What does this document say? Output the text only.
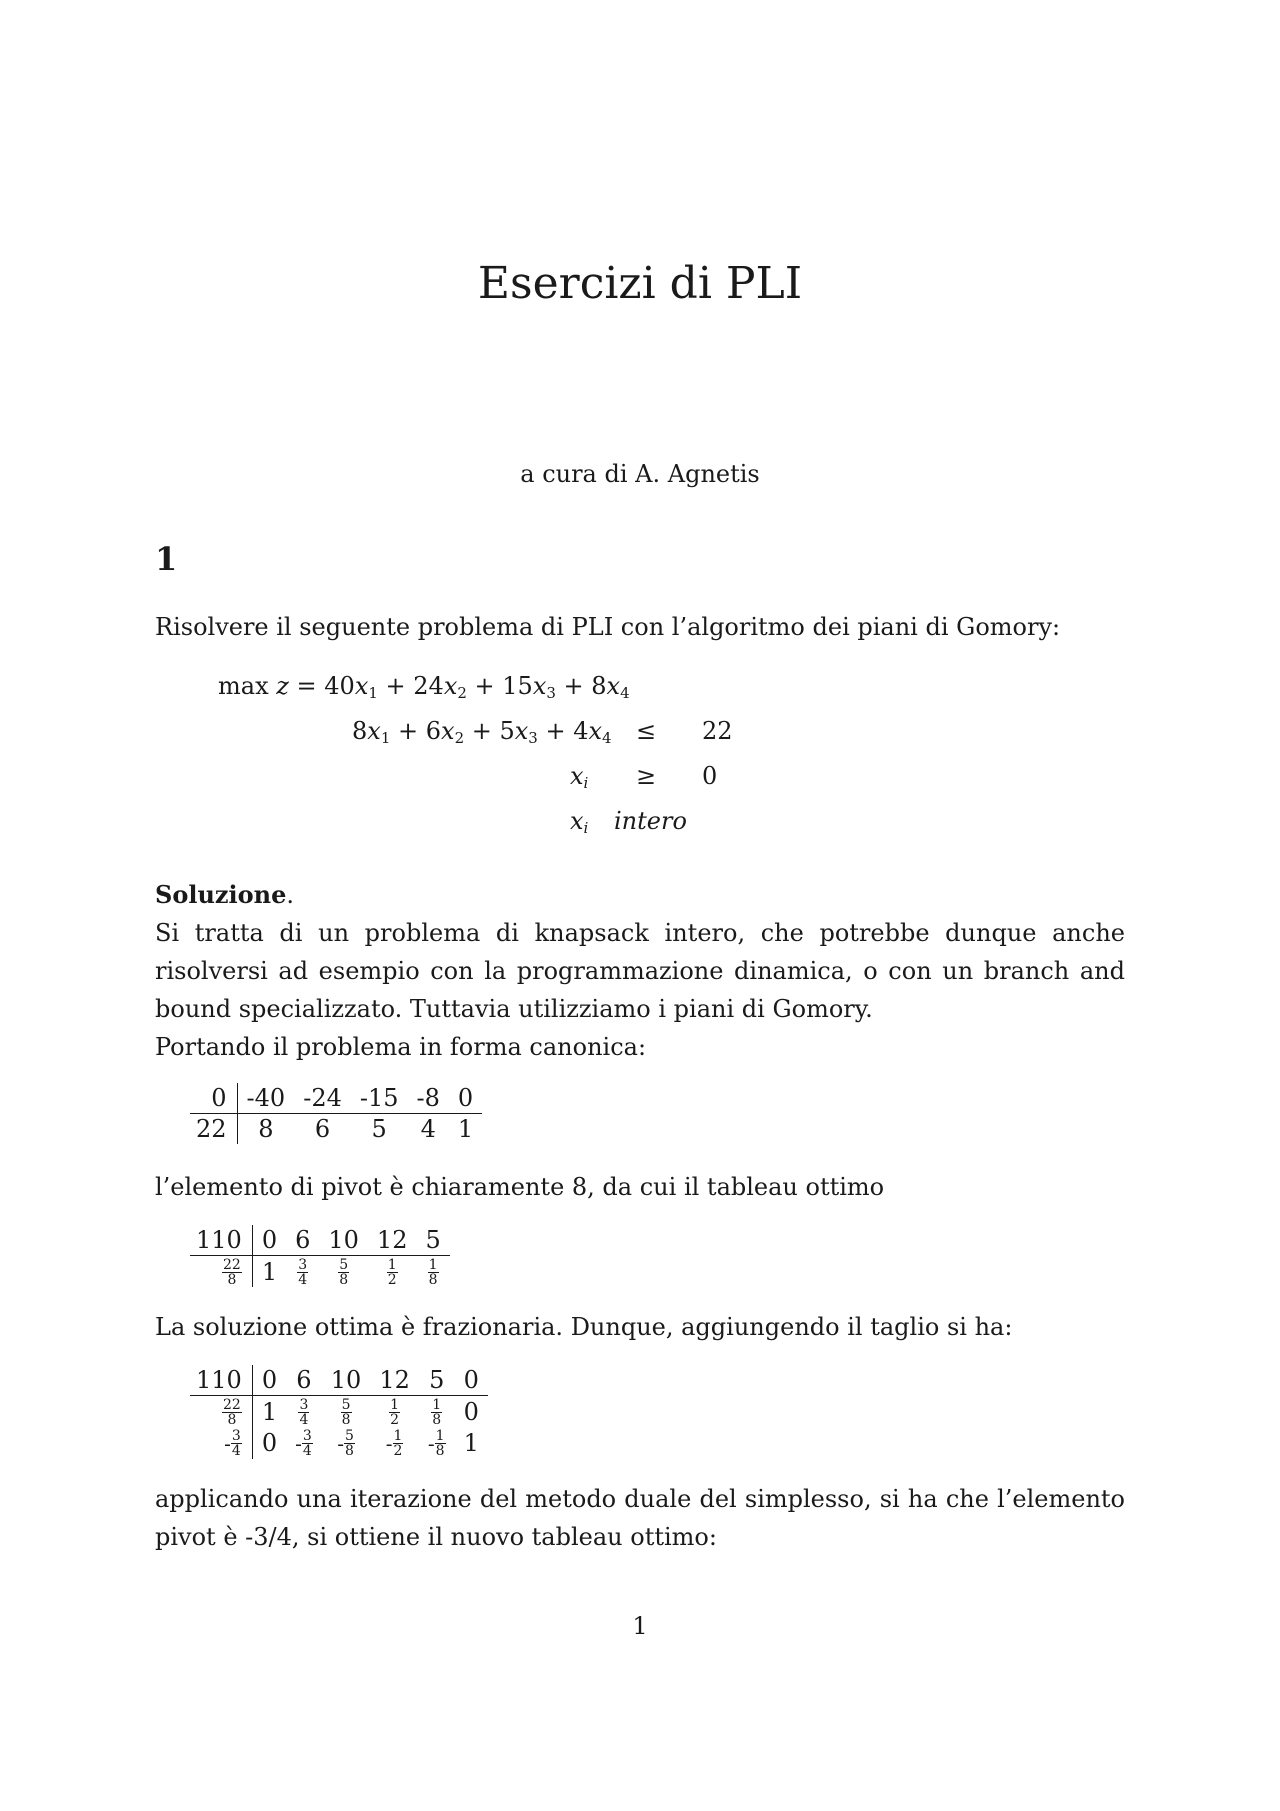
Esercizi di PLI
a cura di A. Agnetis
1
Risolvere il seguente problema di PLI con l’algoritmo dei piani di Gomory:
$\max z = 40x_1 + 24x_2 + 15x_3 + 8x_4$
$8x_1 + 6x_2 + 5x_3 + 4x_4 \le 22$
$x_i \ge 0$
$x_i$ intero
Soluzione.
Si tratta di un problema di knapsack intero, che potrebbe dunque anche risolversi ad esempio con la programmazione dinamica, o con un branch and bound specializzato. Tuttavia utilizziamo i piani di Gomory.
Portando il problema in forma canonica:
0	-40	-24	-15	-8	0
22	8	6	5	4	1
l’elemento di pivot è chiaramente 8, da cui il tableau ottimo
110	0	6	10	12	5

$\frac{22}{8}$	1	$\frac{3}{4}$	$\frac{5}{8}$	$\frac{1}{2}$	$\frac{1}{8}$
La soluzione ottima è frazionaria. Dunque, aggiungendo il taglio si ha:
110	0	6	10	12	5	0

$\frac{22}{8}$	1	$\frac{3}{4}$	$\frac{5}{8}$	$\frac{1}{2}$	$\frac{1}{8}$	0
- $\frac{3}{4}$	0	- $\frac{3}{4}$	- $\frac{5}{8}$	- $\frac{1}{2}$	- $\frac{1}{8}$	1
applicando una iterazione del metodo duale del simplesso, si ha che l’elemento pivot è -3/4, si ottiene il nuovo tableau ottimo:
1
